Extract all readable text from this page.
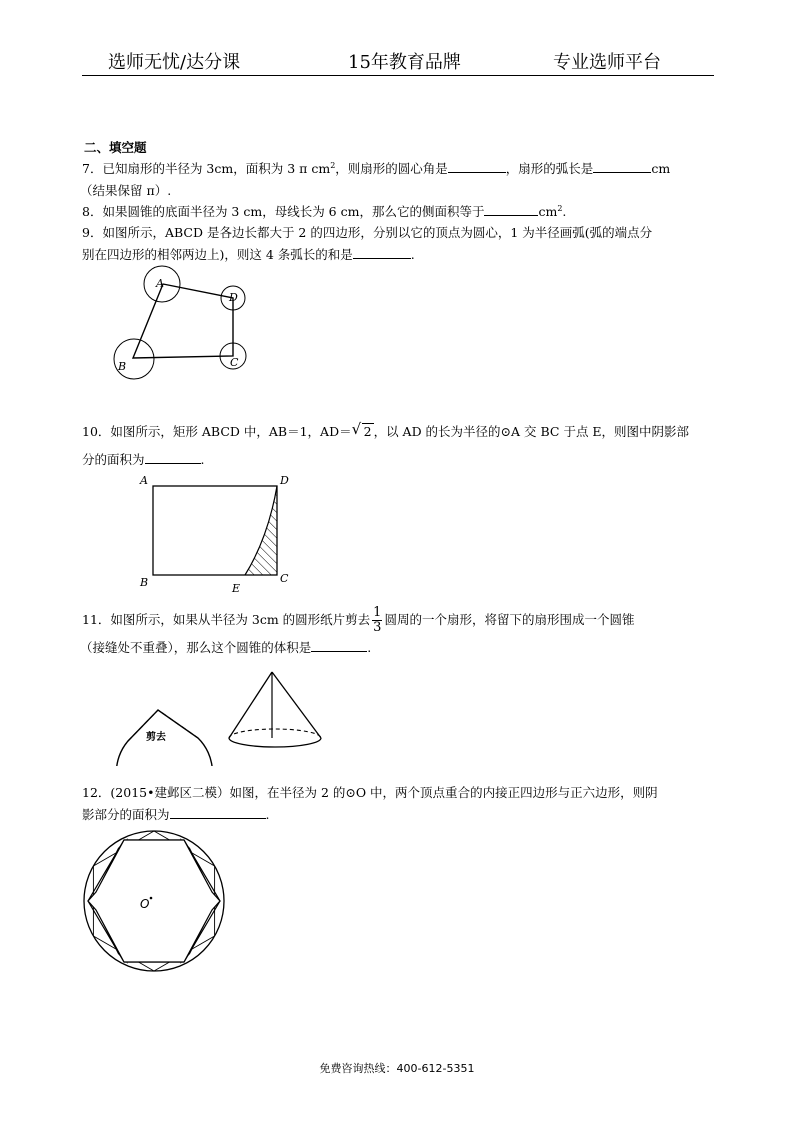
选师无忧/达分课	15年教育品牌	专业选师平台
二、填空题
7．已知扇形的半径为 3cm，面积为 3 π $cm^2$，则扇形的圆心角是	，扇形的弧长是	cm
（结果保留 π）.
8．如果圆锥的底面半径为 3 cm，母线长为 6 cm，那么它的侧面积等于	$cm^2$.
9．如图所示，ABCD 是各边长都大于 2 的四边形，分别以它的顶点为圆心，1 为半径画弧(弧的端点分
别在四边形的相邻两边上)，则这 4 条弧长的和是	.
A
B	C
D
10．如图所示，矩形 ABCD 中，AB＝1，AD＝ √ 2 ，以 AD 的长为半径的⊙A 交 BC 于点 E，则图中阴影部
分的面积为	.
A	D
B	E
C
11．如图所示，如果从半径为 3cm 的圆形纸片剪去 $\frac{1}{3}$ 圆周的一个扇形，将留下的扇形围成一个圆锥
（接缝处不重叠），那么这个圆锥的体积是	.
剪去
12．(2015•建邺区二模）如图，在半径为 2 的⊙O 中，两个顶点重合的内接正四边形与正六边形，则阴
影部分的面积为	.
O
免费咨询热线：400-612-5351
